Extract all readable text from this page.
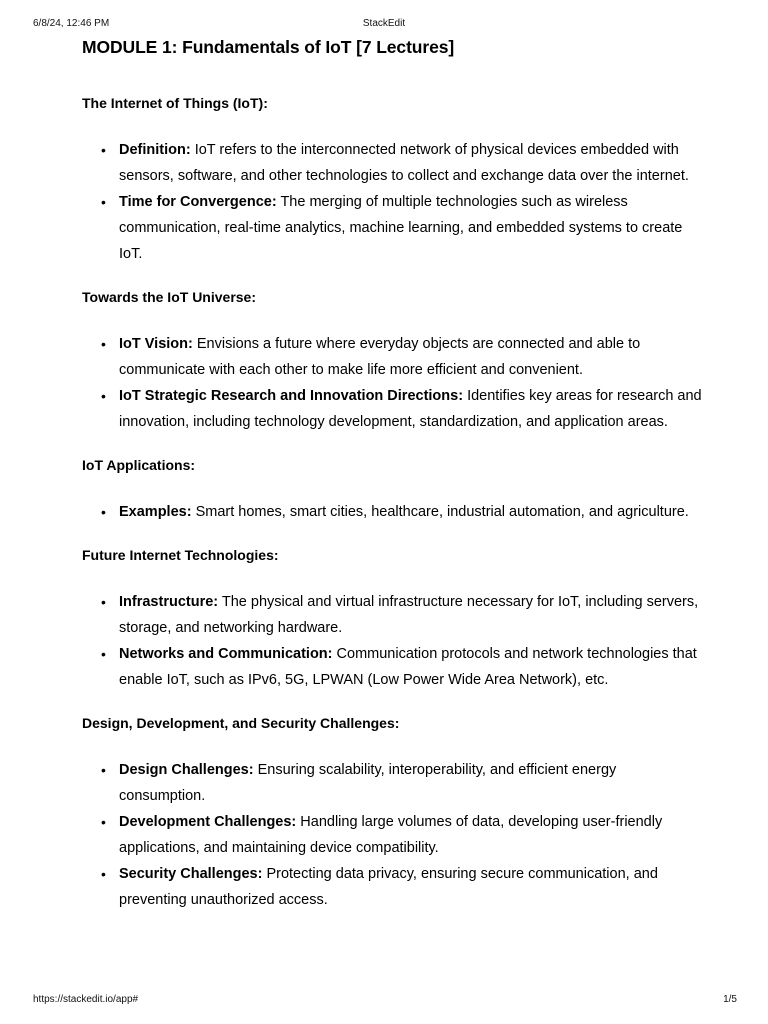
6/8/24, 12:46 PM	StackEdit
MODULE 1: Fundamentals of IoT [7 Lectures]
The Internet of Things (IoT):
• Definition: IoT refers to the interconnected network of physical devices embedded with sensors, software, and other technologies to collect and exchange data over the internet.
• Time for Convergence: The merging of multiple technologies such as wireless communication, real-time analytics, machine learning, and embedded systems to create IoT.
Towards the IoT Universe:
• IoT Vision: Envisions a future where everyday objects are connected and able to communicate with each other to make life more efficient and convenient.
• IoT Strategic Research and Innovation Directions: Identifies key areas for research and innovation, including technology development, standardization, and application areas.
IoT Applications:
• Examples: Smart homes, smart cities, healthcare, industrial automation, and agriculture.
Future Internet Technologies:
• Infrastructure: The physical and virtual infrastructure necessary for IoT, including servers, storage, and networking hardware.
• Networks and Communication: Communication protocols and network technologies that enable IoT, such as IPv6, 5G, LPWAN (Low Power Wide Area Network), etc.
Design, Development, and Security Challenges:
• Design Challenges: Ensuring scalability, interoperability, and efficient energy consumption.
• Development Challenges: Handling large volumes of data, developing user-friendly applications, and maintaining device compatibility.
• Security Challenges: Protecting data privacy, ensuring secure communication, and preventing unauthorized access.
https://stackedit.io/app#	1/5
